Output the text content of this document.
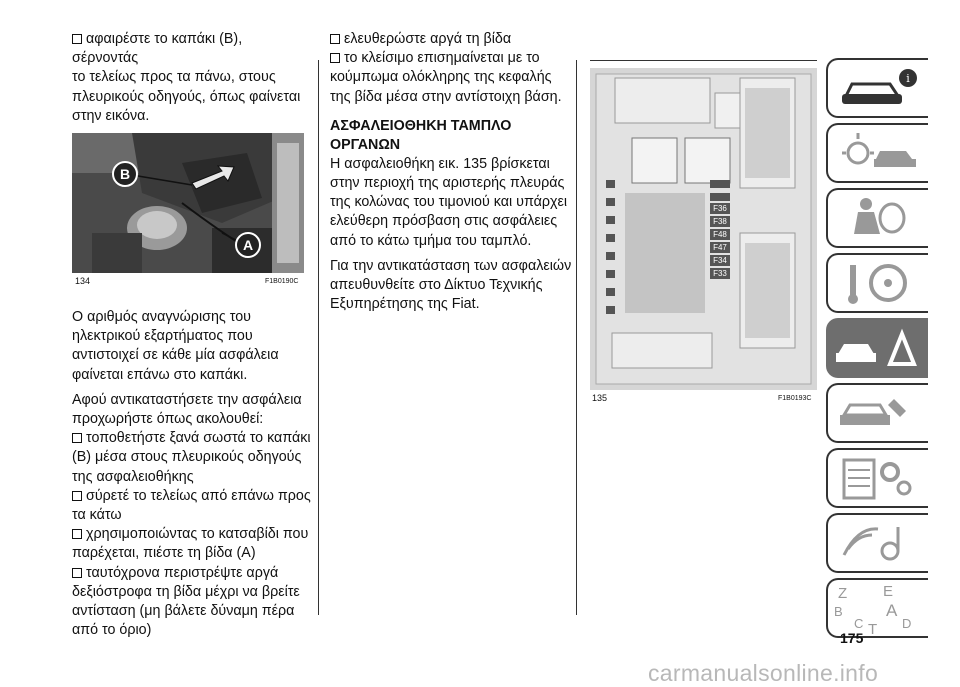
αφαιρέστε το καπάκι (B), σέρνοντάς
το τελείως προς τα πάνω, στους
πλευρικούς οδηγούς, όπως φαίνεται
στην εικόνα.

B
A
134	F1B0190C

Ο αριθμός αναγνώρισης του
ηλεκτρικού εξαρτήματος που
αντιστοιχεί σε κάθε μία ασφάλεια
φαίνεται επάνω στο καπάκι.

Αφού αντικαταστήσετε την ασφάλεια
προχωρήστε όπως ακολουθεί:

τοποθετήστε ξανά σωστά το καπάκι
(B) μέσα στους πλευρικούς οδηγούς
της ασφαλειοθήκης

σύρετέ το τελείως από επάνω προς
τα κάτω

χρησιμοποιώντας το κατσαβίδι που
παρέχεται, πιέστε τη βίδα (A)

ταυτόχρονα περιστρέψτε αργά
δεξιόστροφα τη βίδα μέχρι να βρείτε
αντίσταση (μη βάλετε δύναμη πέρα
από το όριο)

ελευθερώστε αργά τη βίδα

το κλείσιμο επισημαίνεται με το
κούμπωμα ολόκληρης της κεφαλής
της βίδα μέσα στην αντίστοιχη βάση.

ΑΣΦΑΛΕΙΟΘΗΚΗ ΤΑΜΠΛΟ
ΟΡΓΑΝΩΝ

Η ασφαλειοθήκη εικ. 135 βρίσκεται
στην περιοχή της αριστερής πλευράς
της κολώνας του τιμονιού και υπάρχει
ελεύθερη πρόσβαση στις ασφάλειες
από το κάτω τμήμα του ταμπλό.

Για την αντικατάσταση των ασφαλειών
απευθυνθείτε στο Δίκτυο Τεχνικής
Εξυπηρέτησης της Fiat.

F36
F38
F48
F47
F34
F33
135	F1B0193C
i
Z E
B	A
C T D
175
carmanualsonline.info
